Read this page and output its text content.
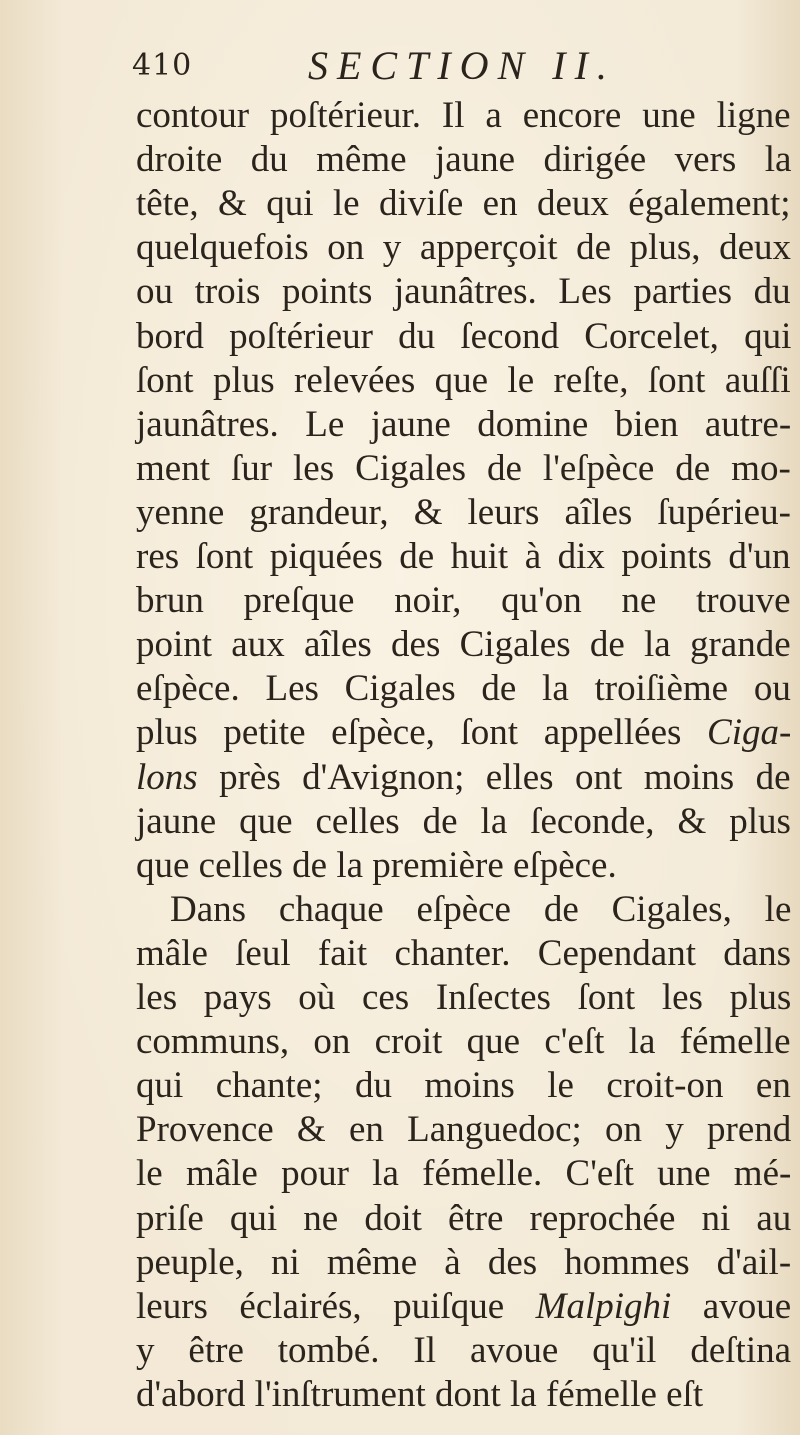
410	SECTION II.
contour poſtérieur. Il a encore une ligne
droite du même jaune dirigée vers la
tête, & qui le diviſe en deux également;
quelquefois on y apperçoit de plus, deux
ou trois points jaunâtres. Les parties du
bord poſtérieur du ſecond Corcelet, qui
ſont plus relevées que le reſte, ſont auſſi
jaunâtres. Le jaune domine bien autre-
ment ſur les Cigales de l'eſpèce de mo-
yenne grandeur, & leurs aîles ſupérieu-
res ſont piquées de huit à dix points d'un
brun preſque noir, qu'on ne trouve
point aux aîles des Cigales de la grande
eſpèce. Les Cigales de la troiſième ou
plus petite eſpèce, ſont appellées Ciga-
lons près d'Avignon; elles ont moins de
jaune que celles de la ſeconde, & plus
que celles de la première eſpèce.
Dans chaque eſpèce de Cigales, le
mâle ſeul fait chanter. Cependant dans
les pays où ces Inſectes ſont les plus
communs, on croit que c'eſt la fémelle
qui chante; du moins le croit-on en
Provence & en Languedoc; on y prend
le mâle pour la fémelle. C'eſt une mé-
priſe qui ne doit être reprochée ni au
peuple, ni même à des hommes d'ail-
leurs éclairés, puiſque Malpighi avoue
y être tombé. Il avoue qu'il deſtina
d'abord l'inſtrument dont la fémelle eſt
